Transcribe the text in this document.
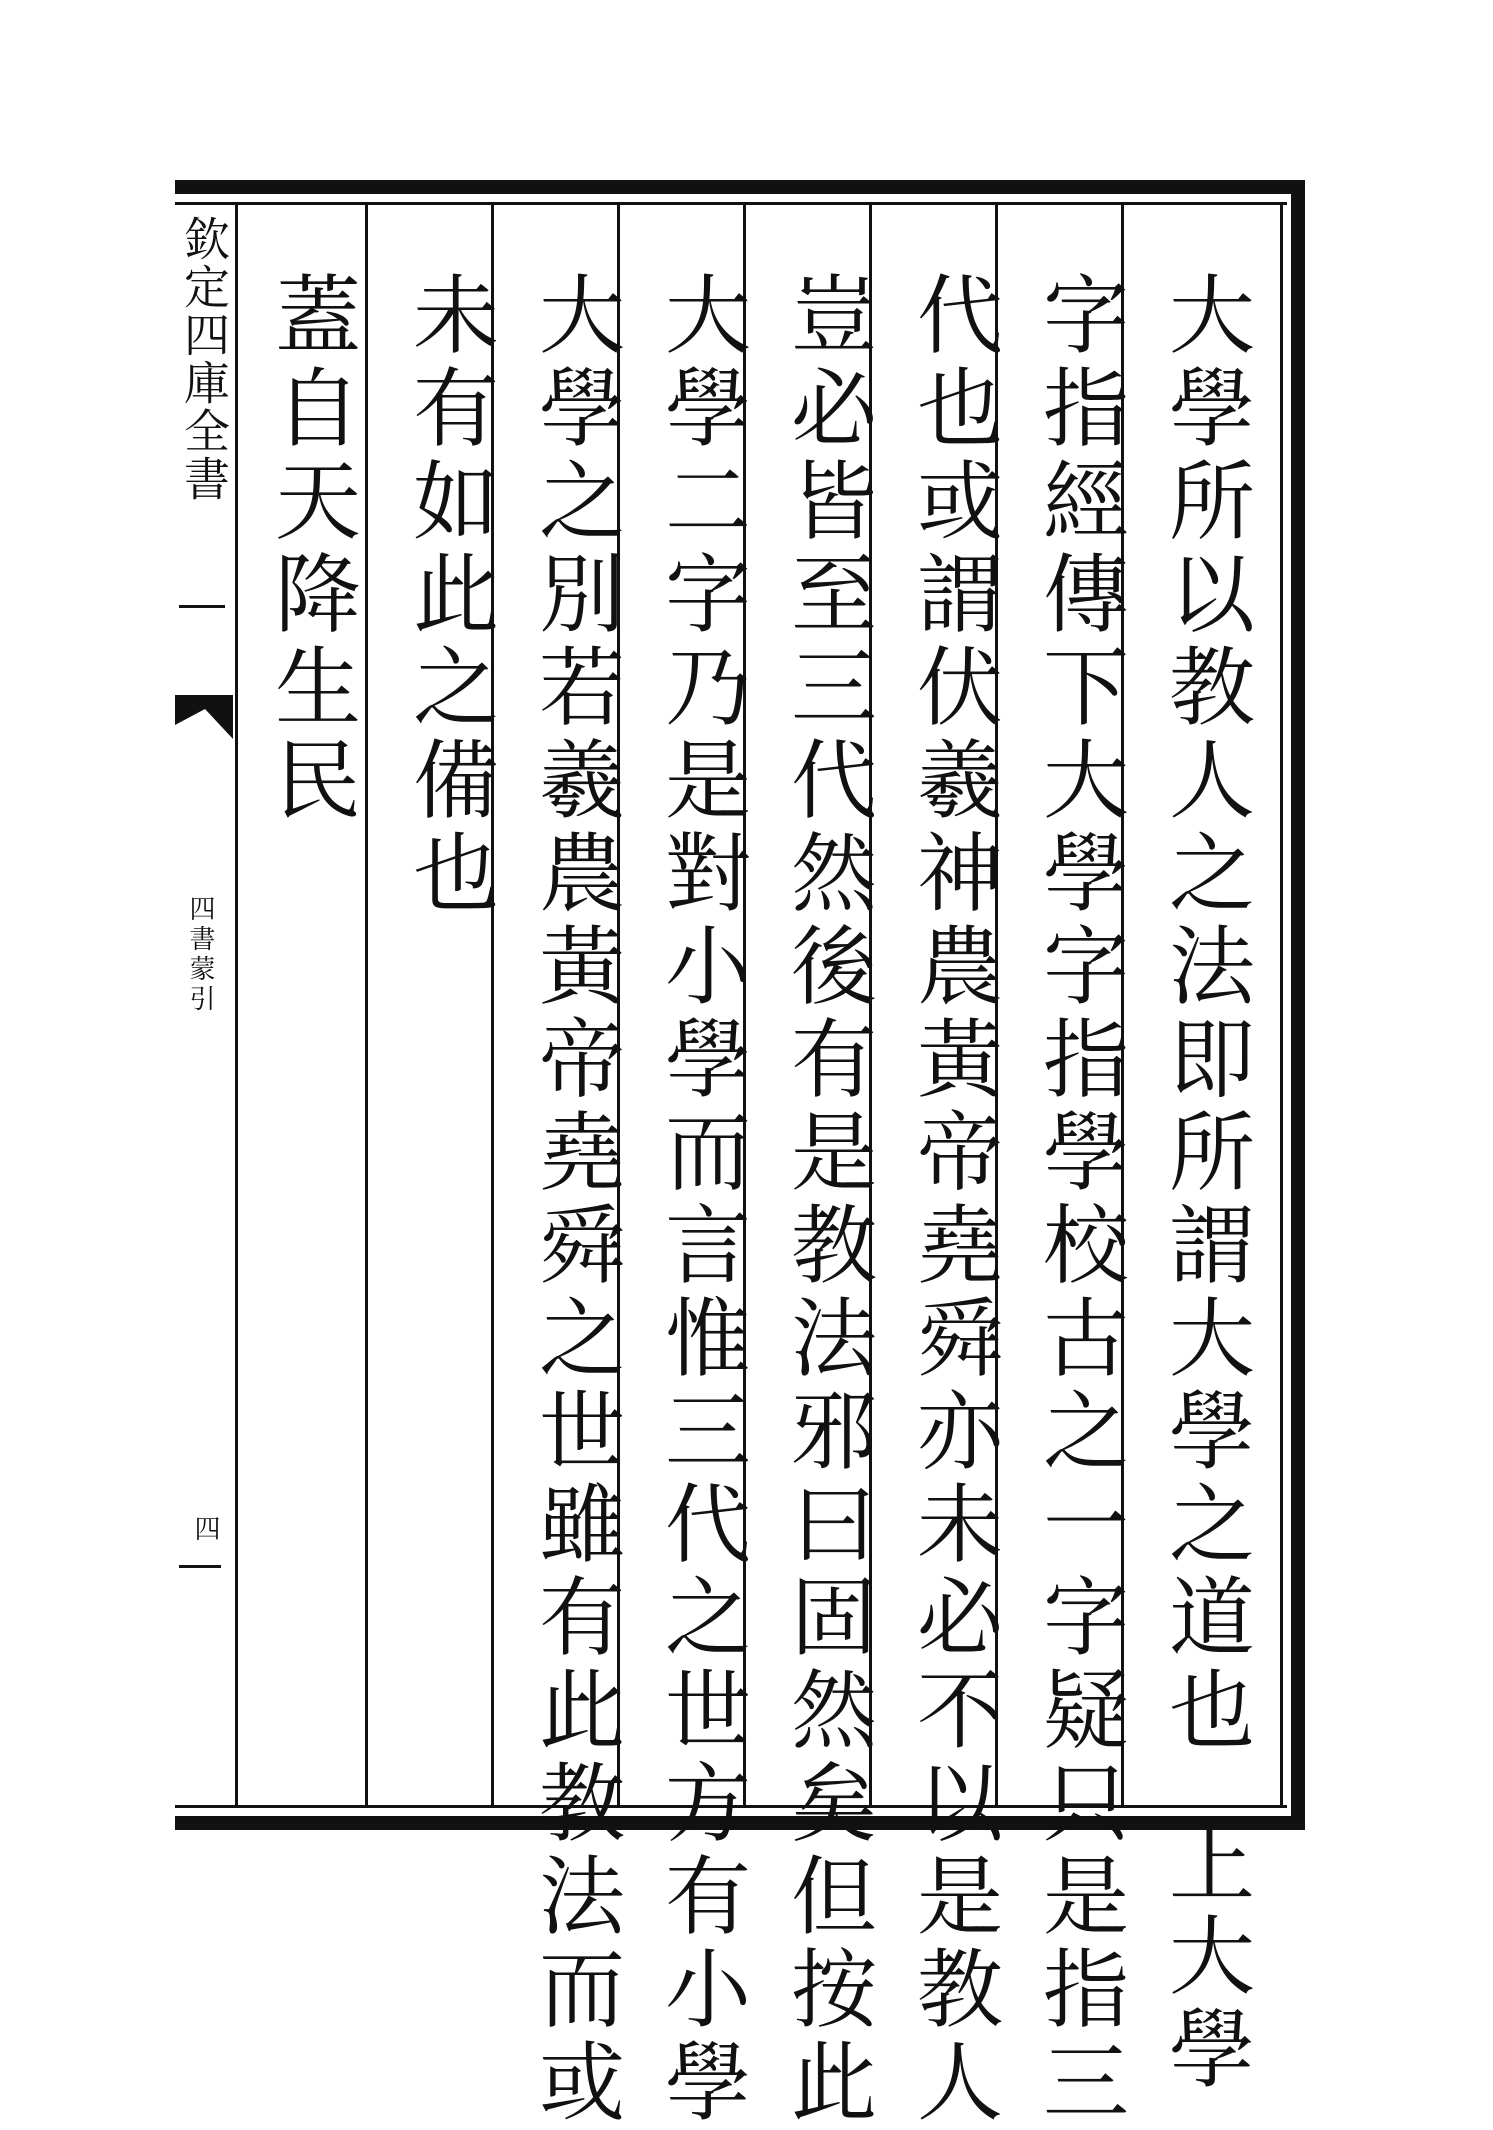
欽定四庫全書
四書蒙引
四	大學所以教人之法即所謂大學之道也上大學
字指經傳下大學字指學校古之一字疑只是指三
代也或謂伏羲神農黃帝堯舜亦未必不以是教人
豈必皆至三代然後有是教法邪曰固然矣但按此
大學二字乃是對小學而言惟三代之世方有小學
大學之別若羲農黃帝堯舜之世雖有此教法而或
未有如此之備也
蓋自天降生民
